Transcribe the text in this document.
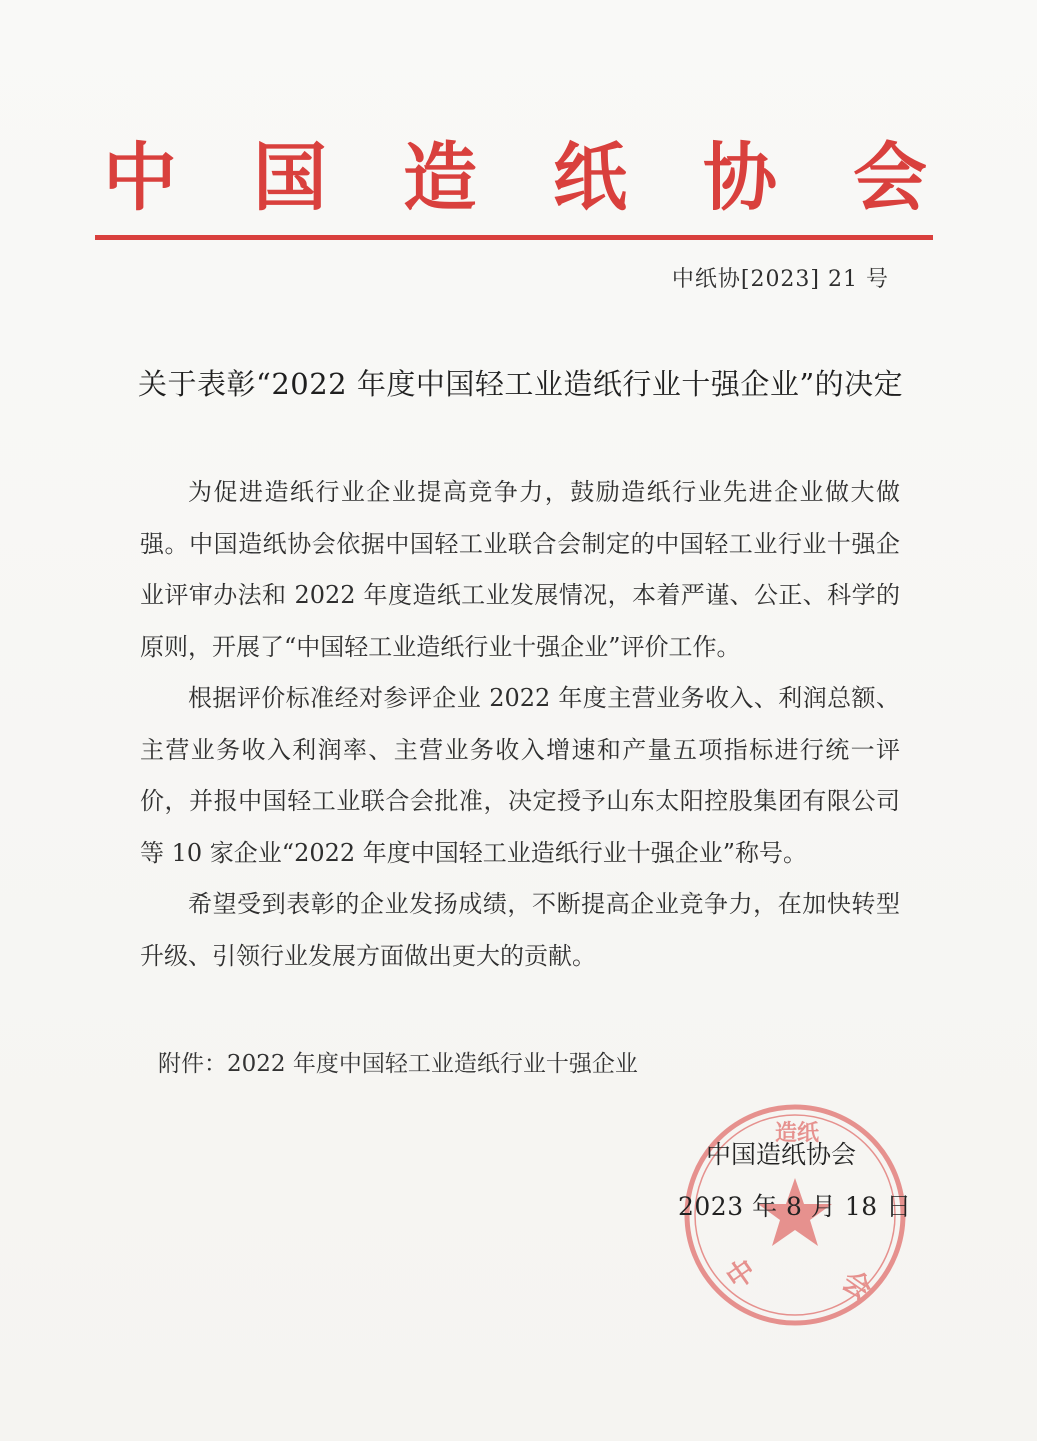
中 国 造 纸 协 会
中纸协[2023] 21 号
关于表彰“2022 年度中国轻工业造纸行业十强企业”的决定

为促进造纸行业企业提高竞争力，鼓励造纸行业先进企业做大做强。中国造纸协会依据中国轻工业联合会制定的中国轻工业行业十强企业评审办法和 2022 年度造纸工业发展情况，本着严谨、公正、科学的原则，开展了“中国轻工业造纸行业十强企业”评价工作。

根据评价标准经对参评企业 2022 年度主营业务收入、利润总额、主营业务收入利润率、主营业务收入增速和产量五项指标进行统一评价，并报中国轻工业联合会批准，决定授予山东太阳控股集团有限公司等 10 家企业“2022 年度中国轻工业造纸行业十强企业”称号。

希望受到表彰的企业发扬成绩，不断提高企业竞争力，在加快转型升级、引领行业发展方面做出更大的贡献。

附件：2022 年度中国轻工业造纸行业十强企业
中	会
造纸
中国造纸协会
2023 年 8 月 18 日
